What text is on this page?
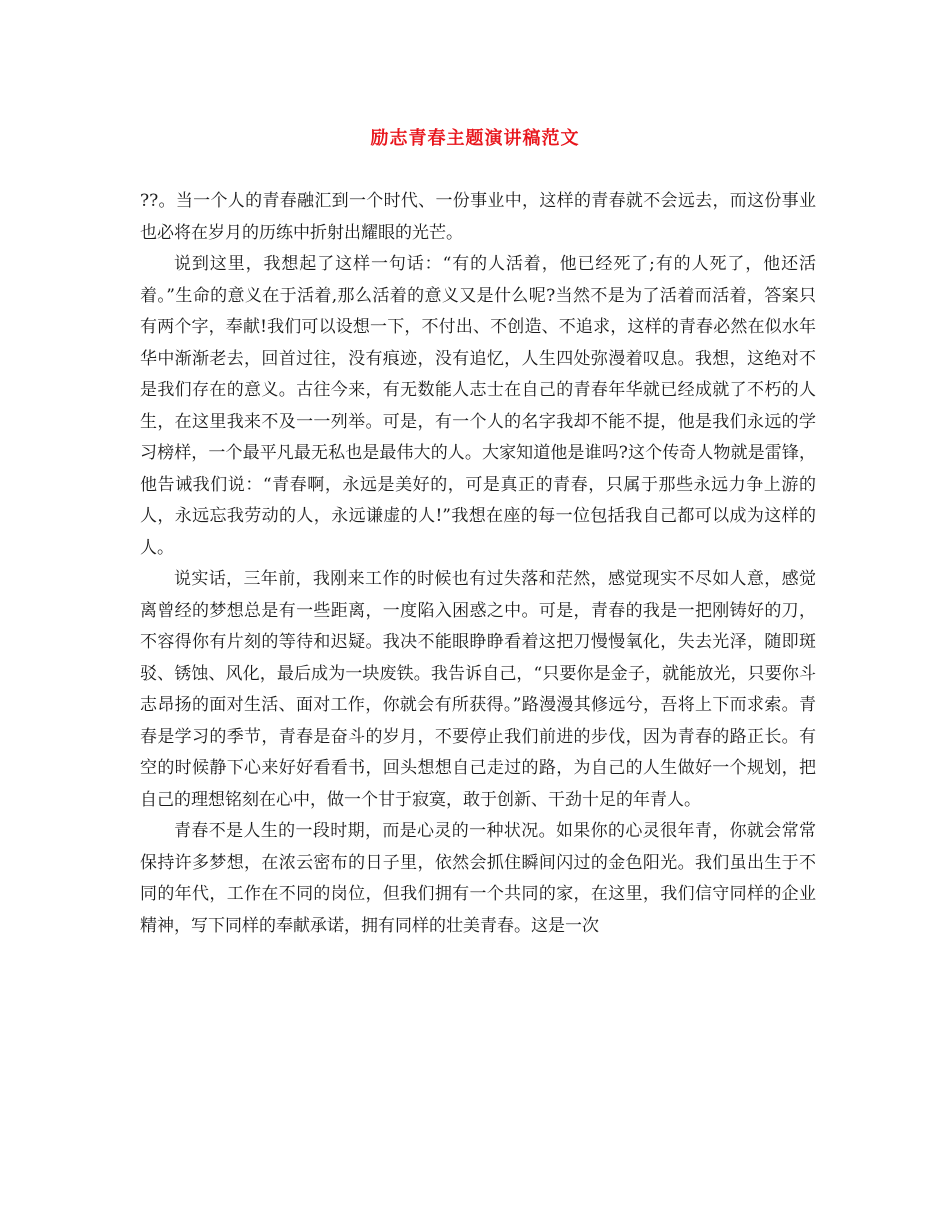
励志青春主题演讲稿范文

??。当一个人的青春融汇到一个时代、一份事业中，这样的青春就不会远去，而这份事业也必将在岁月的历练中折射出耀眼的光芒。

说到这里，我想起了这样一句话：“有的人活着，他已经死了;有的人死了，他还活着。”生命的意义在于活着,那么活着的意义又是什么呢?当然不是为了活着而活着，答案只有两个字，奉献!我们可以设想一下，不付出、不创造、不追求，这样的青春必然在似水年华中渐渐老去，回首过往，没有痕迹，没有追忆，人生四处弥漫着叹息。我想，这绝对不是我们存在的意义。古往今来，有无数能人志士在自己的青春年华就已经成就了不朽的人生，在这里我来不及一一列举。可是，有一个人的名字我却不能不提，他是我们永远的学习榜样，一个最平凡最无私也是最伟大的人。大家知道他是谁吗?这个传奇人物就是雷锋，他告诫我们说：“青春啊，永远是美好的，可是真正的青春，只属于那些永远力争上游的人，永远忘我劳动的人，永远谦虚的人!”我想在座的每一位包括我自己都可以成为这样的人。

说实话，三年前，我刚来工作的时候也有过失落和茫然，感觉现实不尽如人意，感觉离曾经的梦想总是有一些距离，一度陷入困惑之中。可是，青春的我是一把刚铸好的刀，不容得你有片刻的等待和迟疑。我决不能眼睁睁看着这把刀慢慢氧化，失去光泽，随即斑驳、锈蚀、风化，最后成为一块废铁。我告诉自己，“只要你是金子，就能放光，只要你斗志昂扬的面对生活、面对工作，你就会有所获得。”路漫漫其修远兮，吾将上下而求索。青春是学习的季节，青春是奋斗的岁月，不要停止我们前进的步伐，因为青春的路正长。有空的时候静下心来好好看看书，回头想想自己走过的路，为自己的人生做好一个规划，把自己的理想铭刻在心中，做一个甘于寂寞，敢于创新、干劲十足的年青人。

青春不是人生的一段时期，而是心灵的一种状况。如果你的心灵很年青，你就会常常保持许多梦想，在浓云密布的日子里，依然会抓住瞬间闪过的金色阳光。我们虽出生于不同的年代，工作在不同的岗位，但我们拥有一个共同的家，在这里，我们信守同样的企业精神，写下同样的奉献承诺，拥有同样的壮美青春。这是一次
